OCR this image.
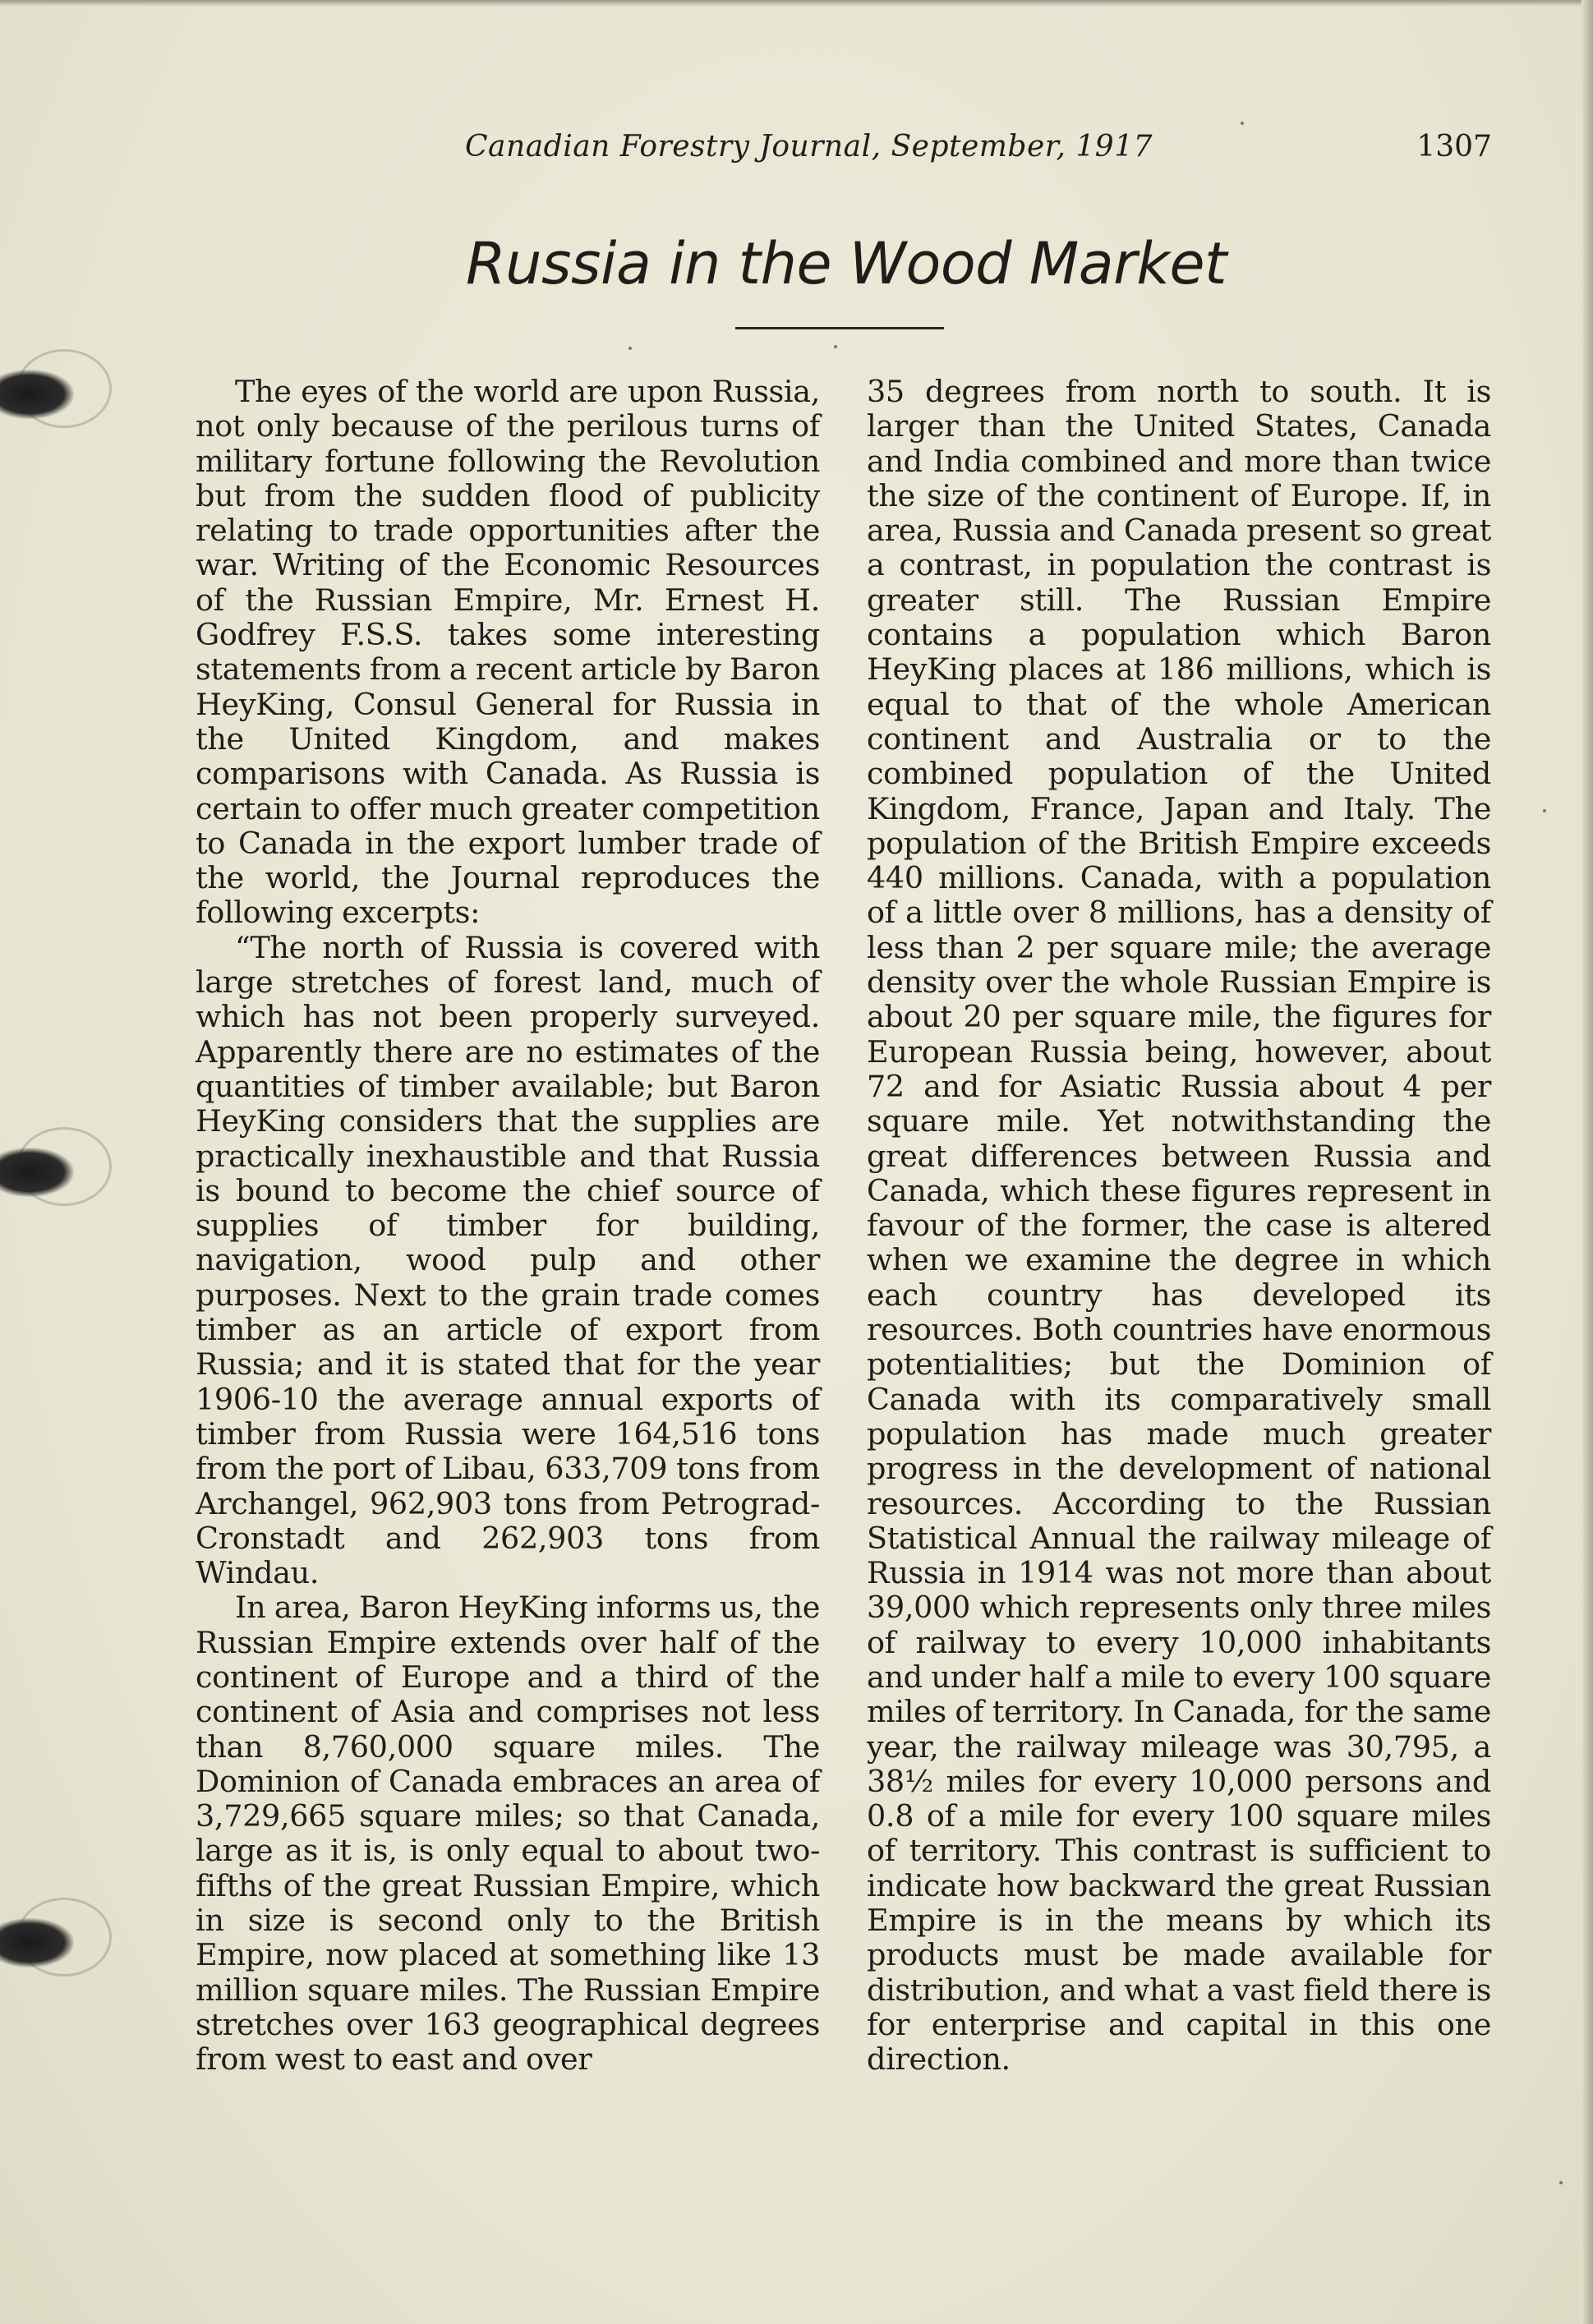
Canadian Forestry Journal, September, 1917	1307
Russia in the Wood Market

The eyes of the world are upon Russia, not only because of the perilous turns of military fortune following the Revolution but from the sudden flood of publicity relating to trade opportunities after the war. Writing of the Economic Resources of the Russian Empire, Mr. Ernest H. Godfrey F.S.S. takes some interesting statements from a recent article by Baron HeyKing, Consul General for Russia in the United Kingdom, and makes comparisons with Canada. As Russia is certain to offer much greater competition to Canada in the export lumber trade of the world, the Journal reproduces the following excerpts:

“The north of Russia is covered with large stretches of forest land, much of which has not been properly surveyed. Apparently there are no estimates of the quantities of timber available; but Baron HeyKing considers that the supplies are practically inexhaustible and that Russia is bound to become the chief source of supplies of timber for building, navigation, wood pulp and other purposes. Next to the grain trade comes timber as an article of export from Russia; and it is stated that for the year 1906-10 the average annual exports of timber from Russia were 164,516 tons from the port of Libau, 633,709 tons from Archangel, 962,903 tons from Petrograd-Cronstadt and 262,903 tons from Windau.

In area, Baron HeyKing informs us, the Russian Empire extends over half of the continent of Europe and a third of the continent of Asia and comprises not less than 8,760,000 square miles. The Dominion of Canada embraces an area of 3,729,665 square miles; so that Canada, large as it is, is only equal to about two-fifths of the great Russian Empire, which in size is second only to the British Empire, now placed at something like 13 million square miles. The Russian Empire stretches over 163 geographical degrees from west to east and over

35 degrees from north to south. It is larger than the United States, Canada and India combined and more than twice the size of the continent of Europe. If, in area, Russia and Canada present so great a contrast, in population the contrast is greater still. The Russian Empire contains a population which Baron HeyKing places at 186 millions, which is equal to that of the whole American continent and Australia or to the combined population of the United Kingdom, France, Japan and Italy. The population of the British Empire exceeds 440 millions. Canada, with a population of a little over 8 millions, has a density of less than 2 per square mile; the average density over the whole Russian Empire is about 20 per square mile, the figures for European Russia being, however, about 72 and for Asiatic Russia about 4 per square mile. Yet notwithstanding the great differences between Russia and Canada, which these figures represent in favour of the former, the case is altered when we examine the degree in which each country has developed its resources. Both countries have enormous potentialities; but the Dominion of Canada with its comparatively small population has made much greater progress in the development of national resources. According to the Russian Statistical Annual the railway mileage of Russia in 1914 was not more than about 39,000 which represents only three miles of railway to every 10,000 inhabitants and under half a mile to every 100 square miles of territory. In Canada, for the same year, the railway mileage was 30,795, a 38½ miles for every 10,000 persons and 0.8 of a mile for every 100 square miles of territory. This contrast is sufficient to indicate how backward the great Russian Empire is in the means by which its products must be made available for distribution, and what a vast field there is for enterprise and capital in this one direction.
